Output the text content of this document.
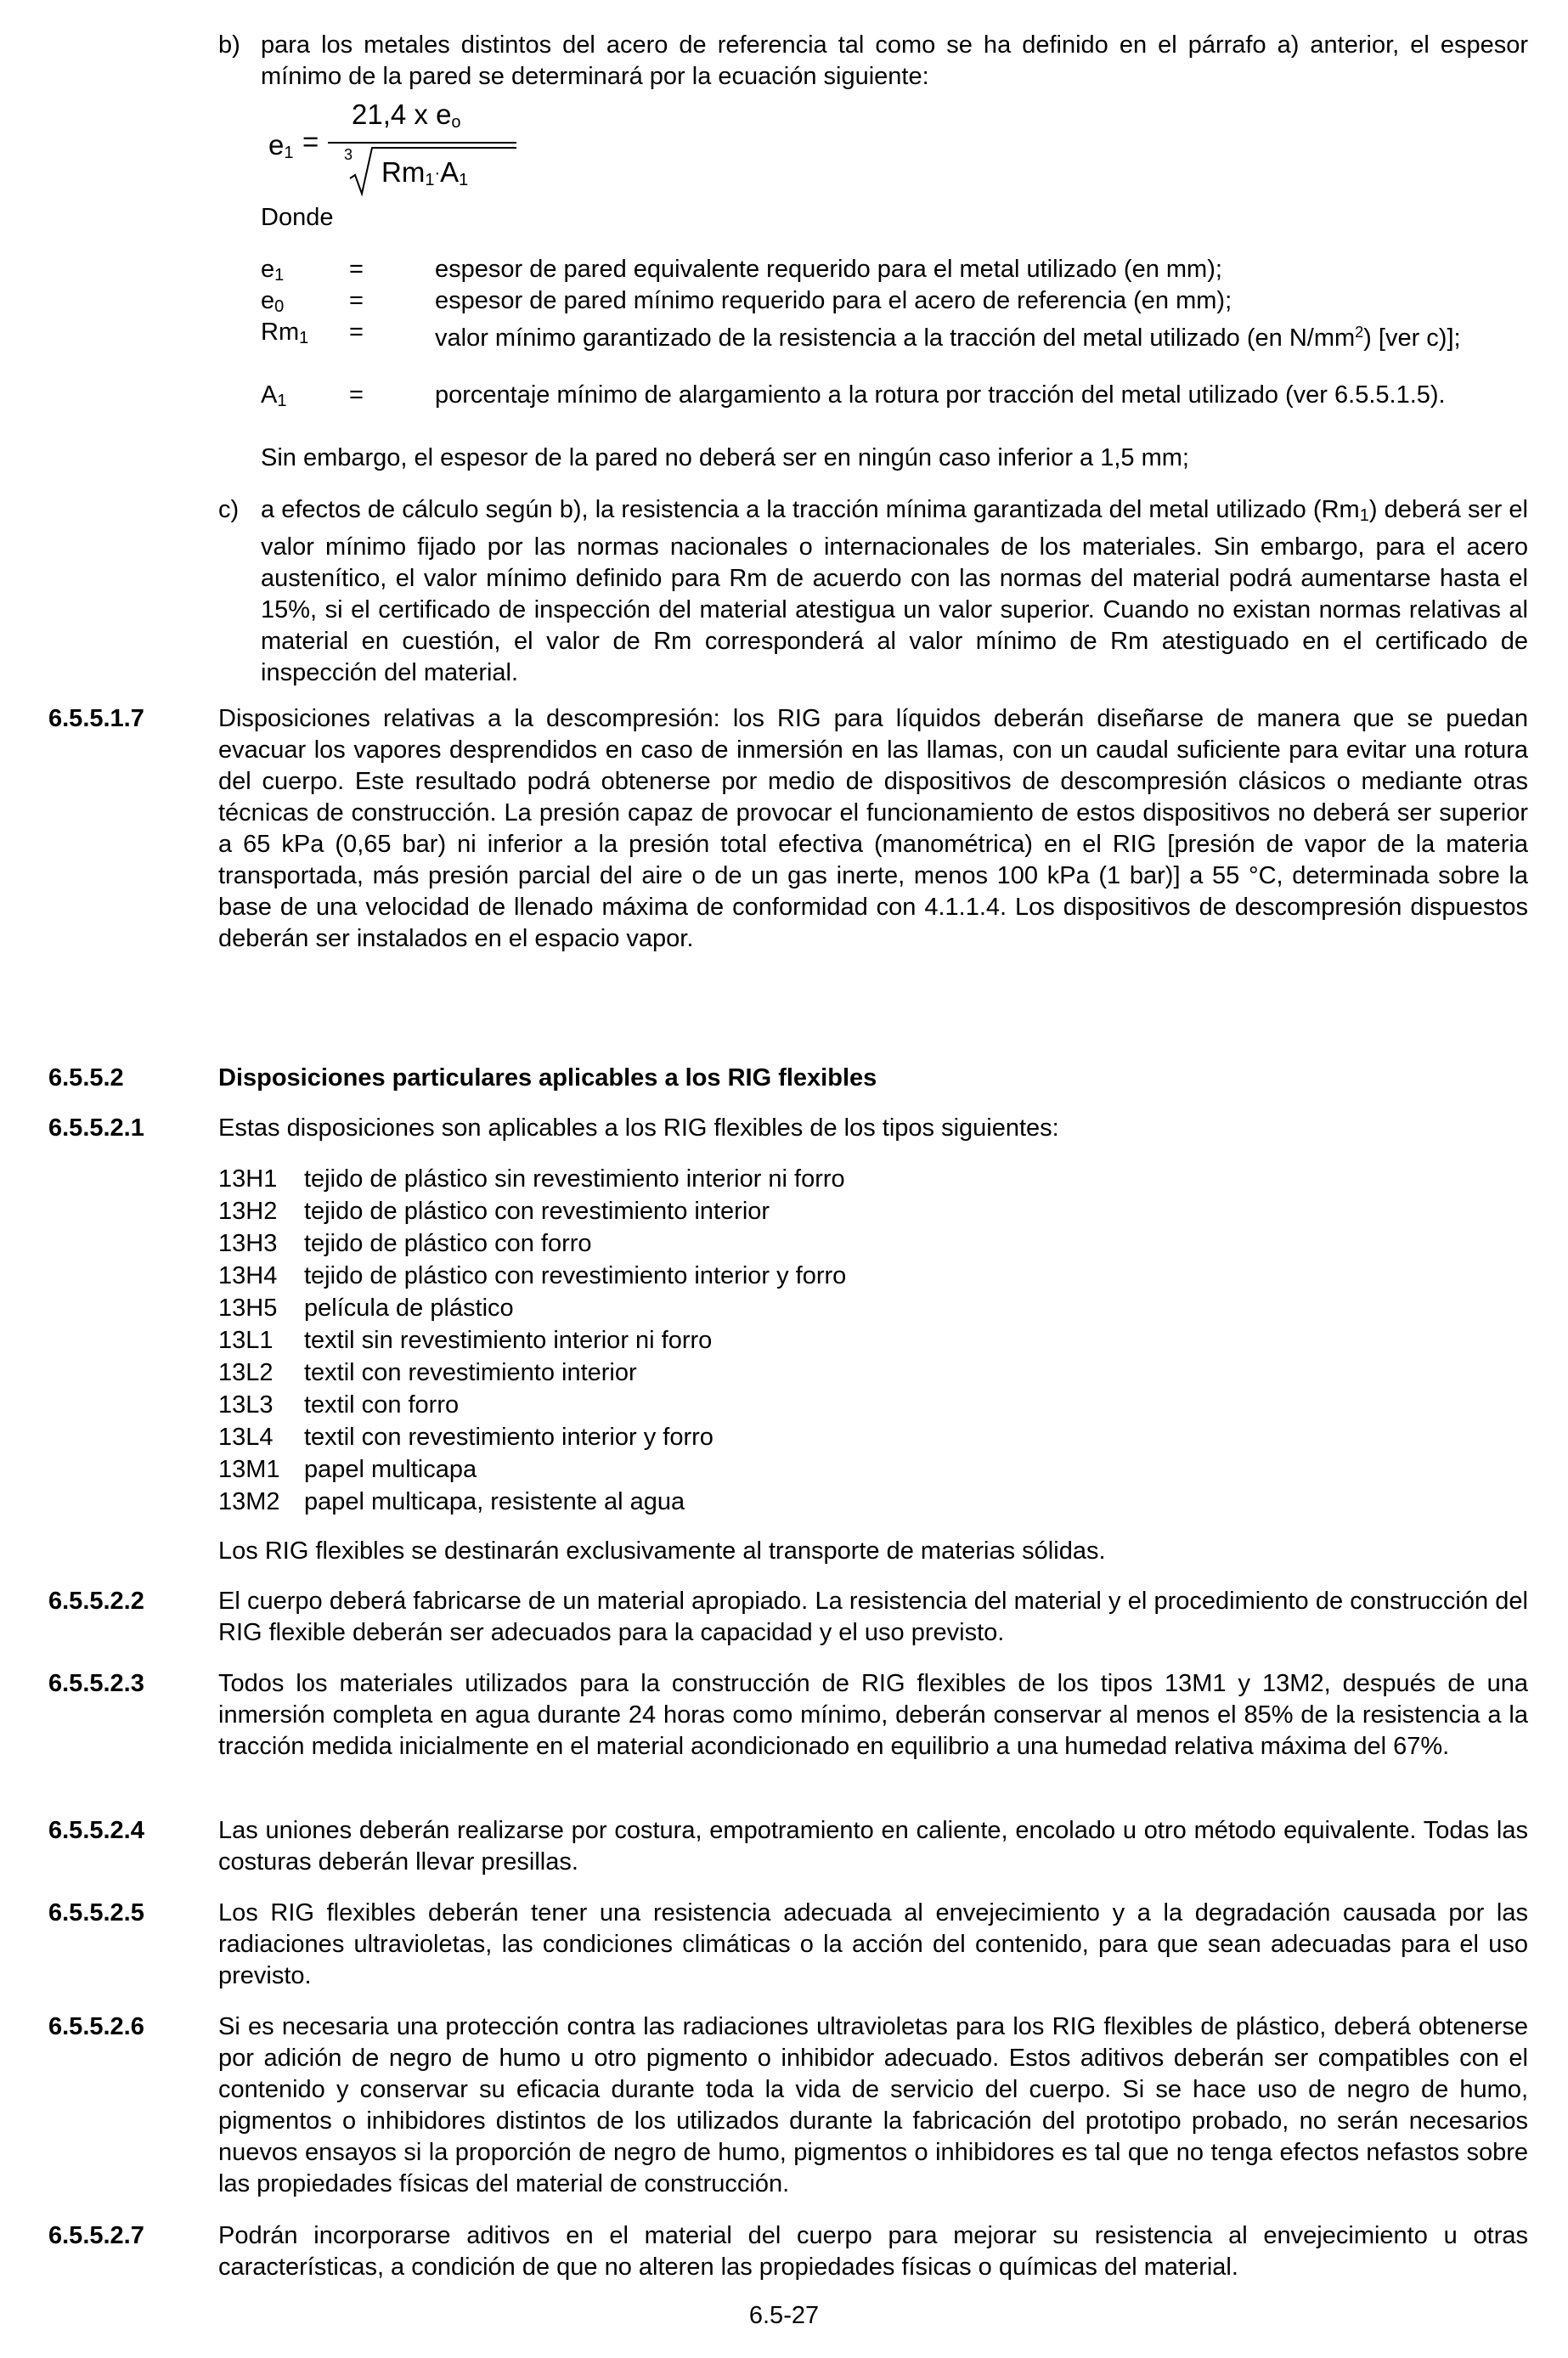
b) para los metales distintos del acero de referencia tal como se ha definido en el párrafo a) anterior, el espesor mínimo de la pared se determinará por la ecuación siguiente:

$e_1$ =
21,4 x $e_o$
3
$Rm_1\cdot A_1$
Donde
$e_1$	=	espesor de pared equivalente requerido para el metal utilizado (en mm);

$e_0$	=	espesor de pared mínimo requerido para el acero de referencia (en mm);

$Rm_1$ =	valor mínimo garantizado de la resistencia a la tracción del metal utilizado (en $N/mm^2$) [ver c)];

$A_1$	=	porcentaje mínimo de alargamiento a la rotura por tracción del metal utilizado (ver 6.5.5.1.5).

Sin embargo, el espesor de la pared no deberá ser en ningún caso inferior a 1,5 mm;

c) a efectos de cálculo según b), la resistencia a la tracción mínima garantizada del metal utilizado $(Rm_1)$ deberá ser el valor mínimo fijado por las normas nacionales o internacionales de los materiales. Sin embargo, para el acero austenítico, el valor mínimo definido para Rm de acuerdo con las normas del material podrá aumentarse hasta el 15%, si el certificado de inspección del material atestigua un valor superior. Cuando no existan normas relativas al material en cuestión, el valor de Rm corresponderá al valor mínimo de Rm atestiguado en el certificado de inspección del material.

6.5.5.1.7	Disposiciones relativas a la descompresión: los RIG para líquidos deberán diseñarse de manera que se puedan evacuar los vapores desprendidos en caso de inmersión en las llamas, con un caudal suficiente para evitar una rotura del cuerpo. Este resultado podrá obtenerse por medio de dispositivos de descompresión clásicos o mediante otras técnicas de construcción. La presión capaz de provocar el funcionamiento de estos dispositivos no deberá ser superior a 65 kPa (0,65 bar) ni inferior a la presión total efectiva (manométrica) en el RIG [presión de vapor de la materia transportada, más presión parcial del aire o de un gas inerte, menos 100 kPa (1 bar)] a 55 °C, determinada sobre la base de una velocidad de llenado máxima de conformidad con 4.1.1.4. Los dispositivos de descompresión dispuestos deberán ser instalados en el espacio vapor.

6.5.5.2	Disposiciones particulares aplicables a los RIG flexibles
6.5.5.2.1	Estas disposiciones son aplicables a los RIG flexibles de los tipos siguientes:

13H1 tejido de plástico sin revestimiento interior ni forro
13H2 tejido de plástico con revestimiento interior
13H3 tejido de plástico con forro
13H4 tejido de plástico con revestimiento interior y forro
13H5 película de plástico
13L1 textil sin revestimiento interior ni forro
13L2 textil con revestimiento interior
13L3 textil con forro
13L4 textil con revestimiento interior y forro
13M1 papel multicapa
13M2 papel multicapa, resistente al agua

Los RIG flexibles se destinarán exclusivamente al transporte de materias sólidas.

6.5.5.2.2	El cuerpo deberá fabricarse de un material apropiado. La resistencia del material y el procedimiento de construcción del RIG flexible deberán ser adecuados para la capacidad y el uso previsto.

6.5.5.2.3	Todos los materiales utilizados para la construcción de RIG flexibles de los tipos 13M1 y 13M2, después de una inmersión completa en agua durante 24 horas como mínimo, deberán conservar al menos el 85% de la resistencia a la tracción medida inicialmente en el material acondicionado en equilibrio a una humedad relativa máxima del 67%.

6.5.5.2.4	Las uniones deberán realizarse por costura, empotramiento en caliente, encolado u otro método equivalente. Todas las costuras deberán llevar presillas.

6.5.5.2.5	Los RIG flexibles deberán tener una resistencia adecuada al envejecimiento y a la degradación causada por las radiaciones ultravioletas, las condiciones climáticas o la acción del contenido, para que sean adecuadas para el uso previsto.

6.5.5.2.6	Si es necesaria una protección contra las radiaciones ultravioletas para los RIG flexibles de plástico, deberá obtenerse por adición de negro de humo u otro pigmento o inhibidor adecuado. Estos aditivos deberán ser compatibles con el contenido y conservar su eficacia durante toda la vida de servicio del cuerpo. Si se hace uso de negro de humo, pigmentos o inhibidores distintos de los utilizados durante la fabricación del prototipo probado, no serán necesarios nuevos ensayos si la proporción de negro de humo, pigmentos o inhibidores es tal que no tenga efectos nefastos sobre las propiedades físicas del material de construcción.

6.5.5.2.7	Podrán incorporarse aditivos en el material del cuerpo para mejorar su resistencia al envejecimiento u otras características, a condición de que no alteren las propiedades físicas o químicas del material.

6.5-27
